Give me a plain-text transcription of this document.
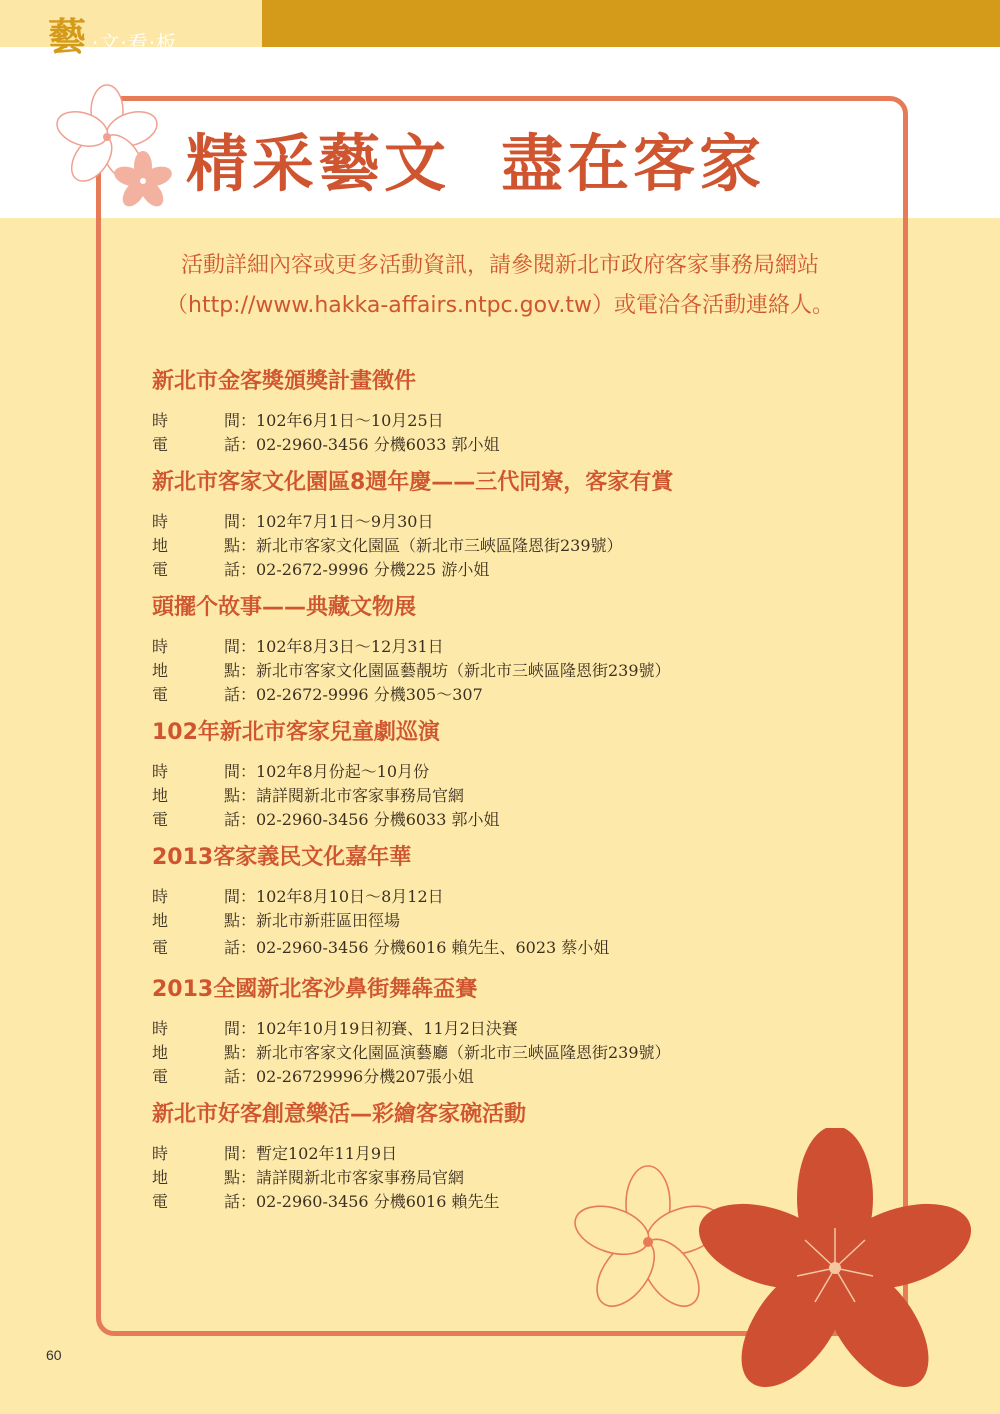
藝 ·文·看·板
精采藝文  盡在客家
活動詳細內容或更多活動資訊，請參閱新北市政府客家事務局網站
（http://www.hakka-affairs.ntpc.gov.tw）或電洽各活動連絡人。
新北市金客獎頒獎計畫徵件
時	間 ： 102年6月1日～10月25日
電	話 ： 02-2960-3456 分機6033 郭小姐
新北市客家文化園區8週年慶——三代同寮，客家有賞
時	間 ： 102年7月1日～9月30日
地	點 ： 新北市客家文化園區（新北市三峽區隆恩街239號）
電	話 ： 02-2672-9996 分機225 游小姐
頭擺个故事——典藏文物展
時	間 ： 102年8月3日～12月31日
地	點 ： 新北市客家文化園區藝靚坊（新北市三峽區隆恩街239號）
電	話 ： 02-2672-9996 分機305～307
102年新北市客家兒童劇巡演
時	間 ： 102年8月份起～10月份
地	點 ： 請詳閱新北市客家事務局官網
電	話 ： 02-2960-3456 分機6033 郭小姐
2013客家義民文化嘉年華
時	間 ： 102年8月10日～8月12日
地	點 ： 新北市新莊區田徑場
電	話 ： 02-2960-3456 分機6016 賴先生、6023 蔡小姐
2013全國新北客沙鼻街舞犇盃賽
時	間 ： 102年10月19日初賽、11月2日決賽
地	點 ： 新北市客家文化園區演藝廳（新北市三峽區隆恩街239號）
電	話 ： 02-26729996分機207張小姐
新北市好客創意樂活—彩繪客家碗活動
時	間 ： 暫定102年11月9日
地	點 ： 請詳閱新北市客家事務局官網
電	話 ： 02-2960-3456 分機6016 賴先生
60
